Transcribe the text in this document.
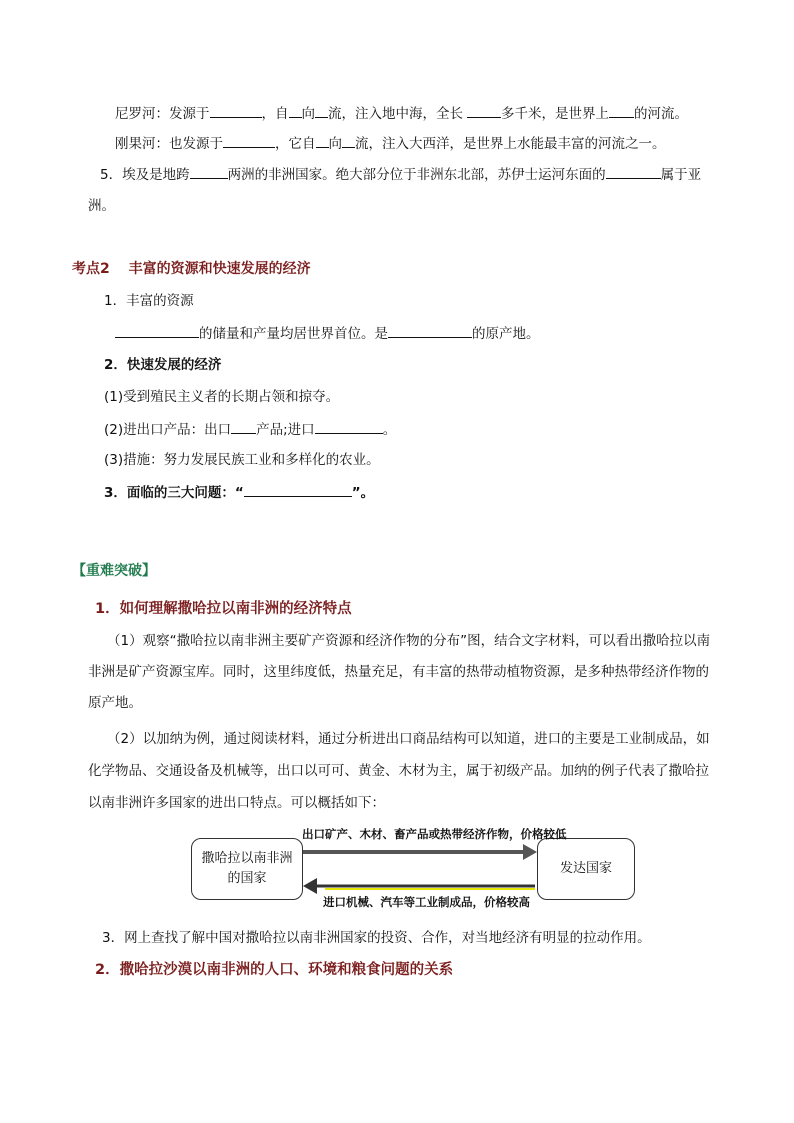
尼罗河：发源于	，自 向 流，注入地中海，全长	多千米，是世界上 的河流。
刚果河：也发源于	，它自 向 流，注入大西洋，是世界上水能最丰富的河流之一。
5．埃及是地跨	两洲的非洲国家。绝大部分位于非洲东北部，苏伊士运河东面的	属于亚
洲。
考点2　 丰富的资源和快速发展的经济
1．丰富的资源
的储量和产量均居世界首位。是	的原产地。
2．快速发展的经济
(1)受到殖民主义者的长期占领和掠夺。
(2)进出口产品：出口 产品;进口	。
(3)措施：努力发展民族工业和多样化的农业。
3．面临的三大问题：“	”。
【重难突破】
1．如何理解撒哈拉以南非洲的经济特点
（1）观察“撒哈拉以南非洲主要矿产资源和经济作物的分布”图，结合文字材料，可以看出撒哈拉以南
非洲是矿产资源宝库。同时，这里纬度低，热量充足，有丰富的热带动植物资源，是多种热带经济作物的
原产地。
（2）以加纳为例，通过阅读材料，通过分析进出口商品结构可以知道，进口的主要是工业制成品，如
化学物品、交通设备及机械等，出口以可可、黄金、木材为主，属于初级产品。加纳的例子代表了撒哈拉
以南非洲许多国家的进出口特点。可以概括如下：
撒哈拉以南非洲
的国家
发达国家
出口矿产、木材、畜产品或热带经济作物，价格较低
进口机械、汽车等工业制成品，价格较高
3．网上查找了解中国对撒哈拉以南非洲国家的投资、合作，对当地经济有明显的拉动作用。
2．撒哈拉沙漠以南非洲的人口、环境和粮食问题的关系
